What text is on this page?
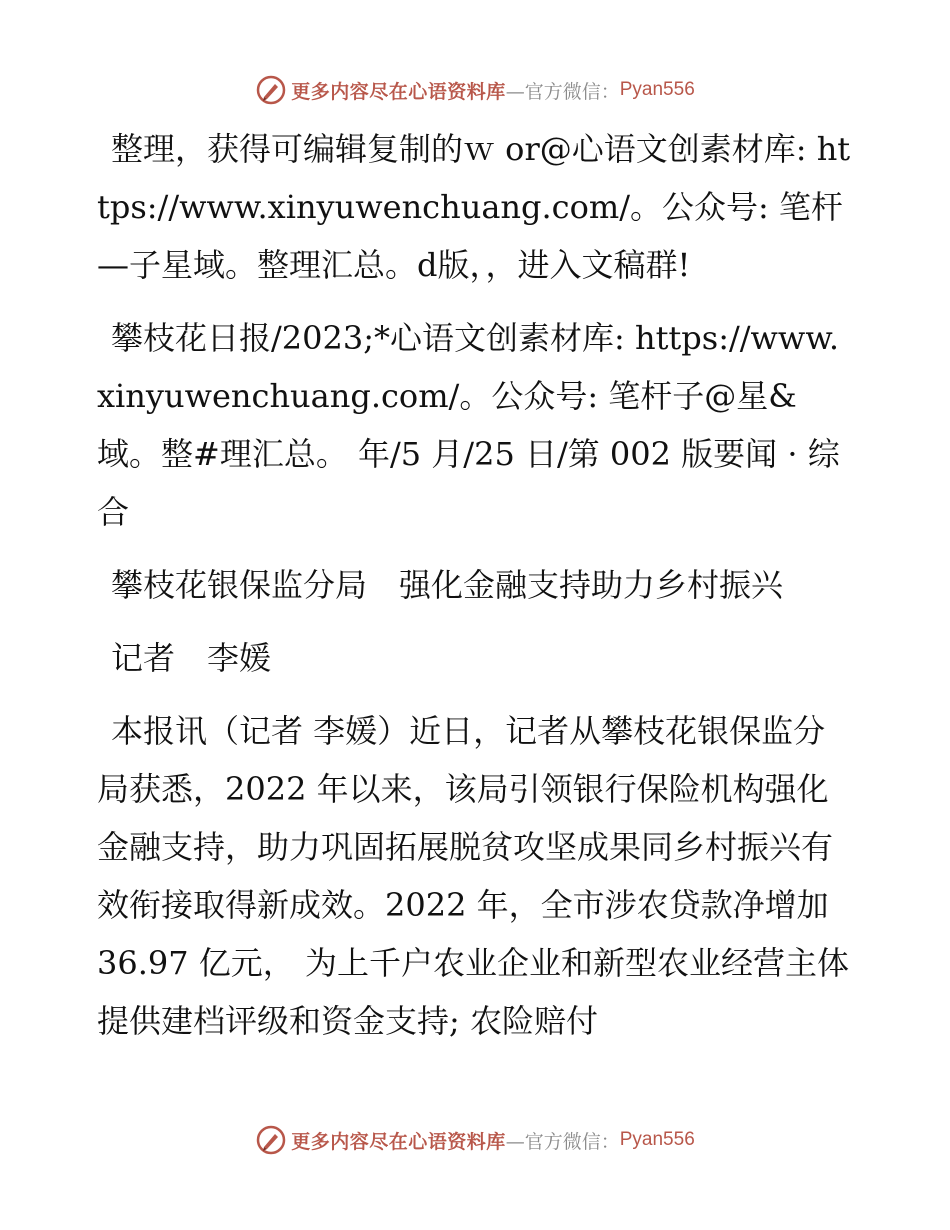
更多内容尽在心语资料库 —官方微信： Pyan556

整理，获得可编辑复制的ｗ or@心语文创素材库: https://www.xinyuwenchuang.com/。公众号: 笔杆—子星域。整理汇总。d版，，进入文稿群!

攀枝花日报/2023;*心语文创素材库: https://www.xinyuwenchuang.com/。公众号: 笔杆子@星&域。整#理汇总。 年/5 月/25 日/第 002 版要闻 · 综合

攀枝花银保监分局　强化金融支持助力乡村振兴

记者　李媛

本报讯（记者 李媛）近日，记者从攀枝花银保监分局获悉，2022 年以来，该局引领银行保险机构强化金融支持，助力巩固拓展脱贫攻坚成果同乡村振兴有效衔接取得新成效。2022 年，全市涉农贷款净增加 36.97 亿元， 为上千户农业企业和新型农业经营主体提供建档评级和资金支持; 农险赔付

更多内容尽在心语资料库 —官方微信： Pyan556
